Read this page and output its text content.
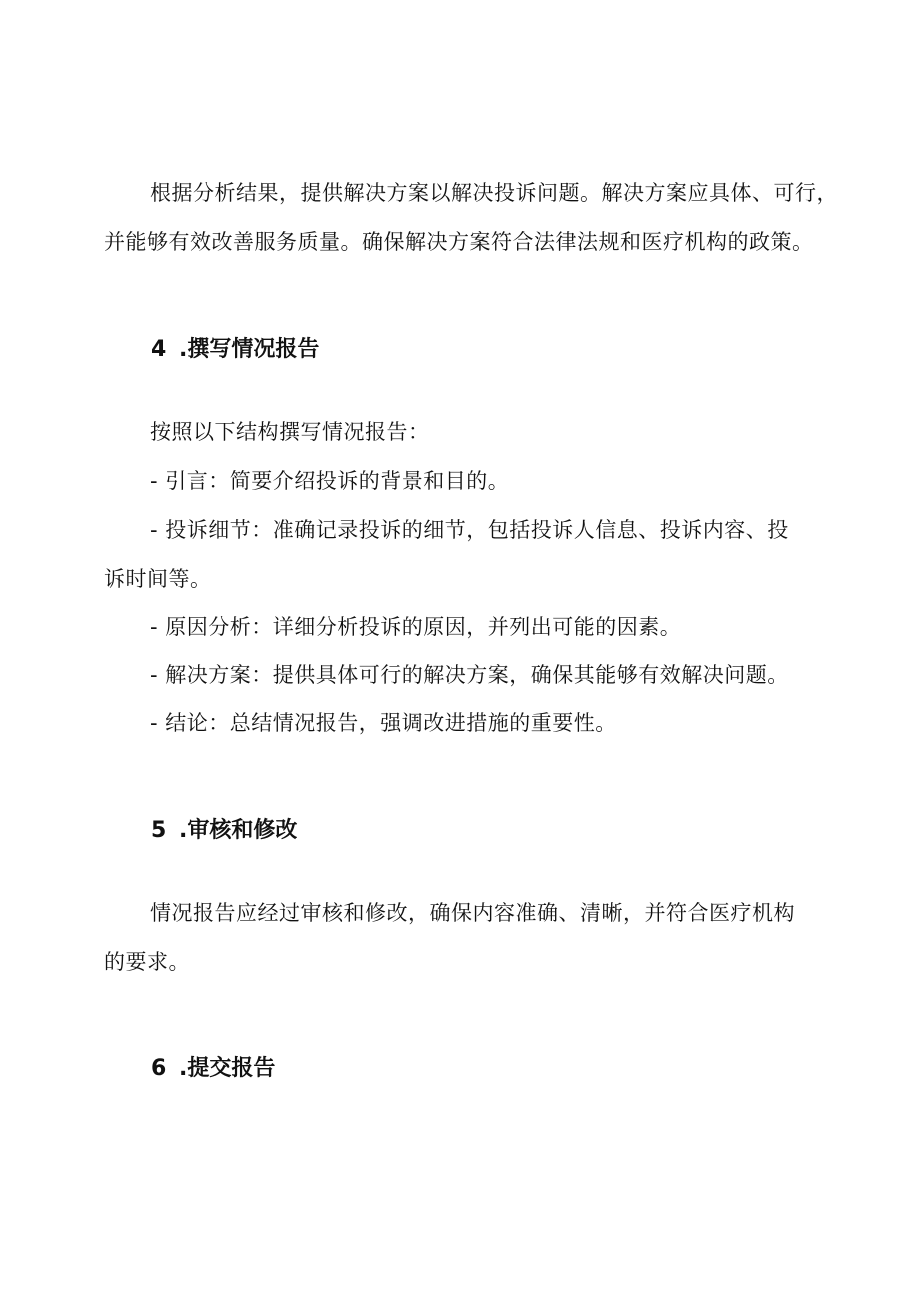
根据分析结果，提供解决方案以解决投诉问题。解决方案应具体、可行，
并能够有效改善服务质量。确保解决方案符合法律法规和医疗机构的政策。
4 .撰写情况报告
按照以下结构撰写情况报告：
- 引言：简要介绍投诉的背景和目的。
- 投诉细节：准确记录投诉的细节，包括投诉人信息、投诉内容、投
诉时间等。
- 原因分析：详细分析投诉的原因，并列出可能的因素。
- 解决方案：提供具体可行的解决方案，确保其能够有效解决问题。
- 结论：总结情况报告，强调改进措施的重要性。
5 .审核和修改
情况报告应经过审核和修改，确保内容准确、清晰，并符合医疗机构
的要求。
6 .提交报告
